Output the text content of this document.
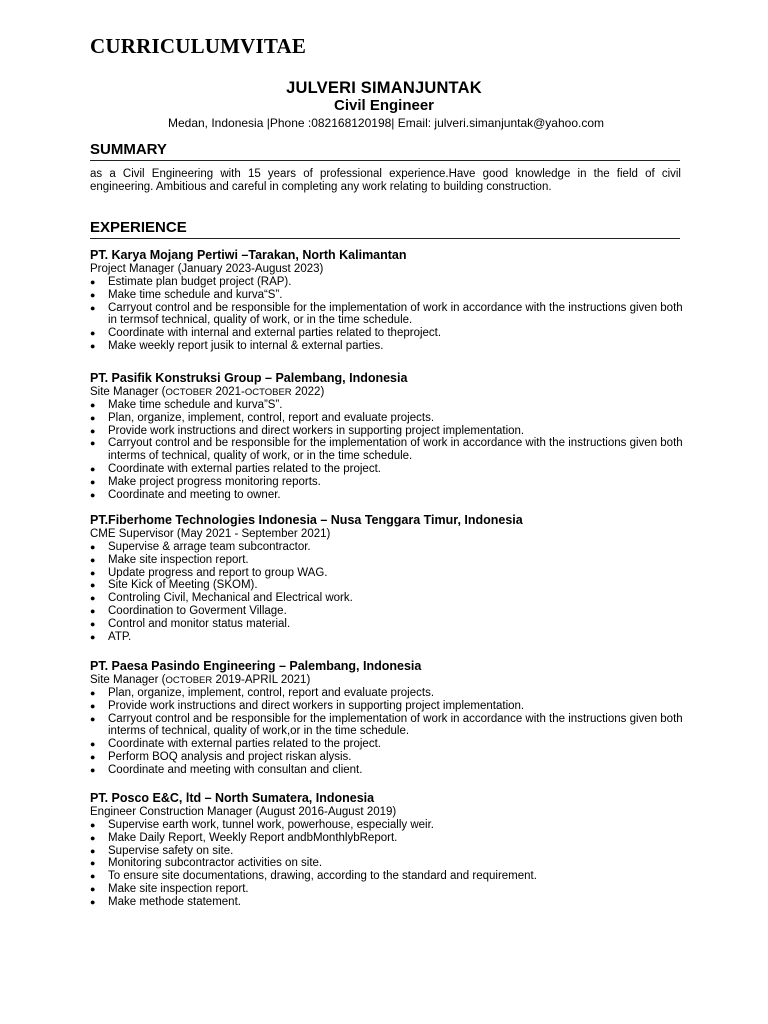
CURRICULUMVITAE
JULVERI SIMANJUNTAK
Civil Engineer
Medan, Indonesia |Phone :082168120198| Email: julveri.simanjuntak@yahoo.com
SUMMARY
as a Civil Engineering with 15 years of professional experience.Have good knowledge in the field of civil engineering. Ambitious and careful in completing any work relating to building construction.
EXPERIENCE
PT. Karya Mojang Pertiwi –Tarakan, North Kalimantan
Project Manager (January 2023-August 2023)
● Estimate plan budget project (RAP).
● Make time schedule and kurva“S”.
● Carryout control and be responsible for the implementation of work in accordance with the instructions given both in termsof technical, quality of work, or in the time schedule.
● Coordinate with internal and external parties related to theproject.
● Make weekly report jusik to internal & external parties.
PT. Pasifik Konstruksi Group – Palembang, Indonesia
Site Manager (OCTOBER 2021-OCTOBER 2022)
● Make time schedule and kurva”S”.
● Plan, organize, implement, control, report and evaluate projects.
● Provide work instructions and direct workers in supporting project implementation.
● Carryout control and be responsible for the implementation of work in accordance with the instructions given both interms of technical, quality of work, or in the time schedule.
● Coordinate with external parties related to the project.
● Make project progress monitoring reports.
● Coordinate and meeting to owner.
PT.Fiberhome Technologies Indonesia – Nusa Tenggara Timur, Indonesia
CME Supervisor (May 2021 - September 2021)
● Supervise & arrage team subcontractor.
● Make site inspection report.
● Update progress and report to group WAG.
● Site Kick of Meeting (SKOM).
● Controling Civil, Mechanical and Electrical work.
● Coordination to Goverment Village.
● Control and monitor status material.
● ATP.
PT. Paesa Pasindo Engineering – Palembang, Indonesia
Site Manager (OCTOBER 2019-APRIL 2021)
● Plan, organize, implement, control, report and evaluate projects.
● Provide work instructions and direct workers in supporting project implementation.
● Carryout control and be responsible for the implementation of work in accordance with the instructions given both interms of technical, quality of work,or in the time schedule.
● Coordinate with external parties related to the project.
● Perform BOQ analysis and project riskan alysis.
● Coordinate and meeting with consultan and client.
PT. Posco E&C, ltd – North Sumatera, Indonesia
Engineer Construction Manager (August 2016-August 2019)
● Supervise earth work, tunnel work, powerhouse, especially weir.
● Make Daily Report, Weekly Report andbMonthlybReport.
● Supervise safety on site.
● Monitoring subcontractor activities on site.
● To ensure site documentations, drawing, according to the standard and requirement.
● Make site inspection report.
● Make methode statement.
